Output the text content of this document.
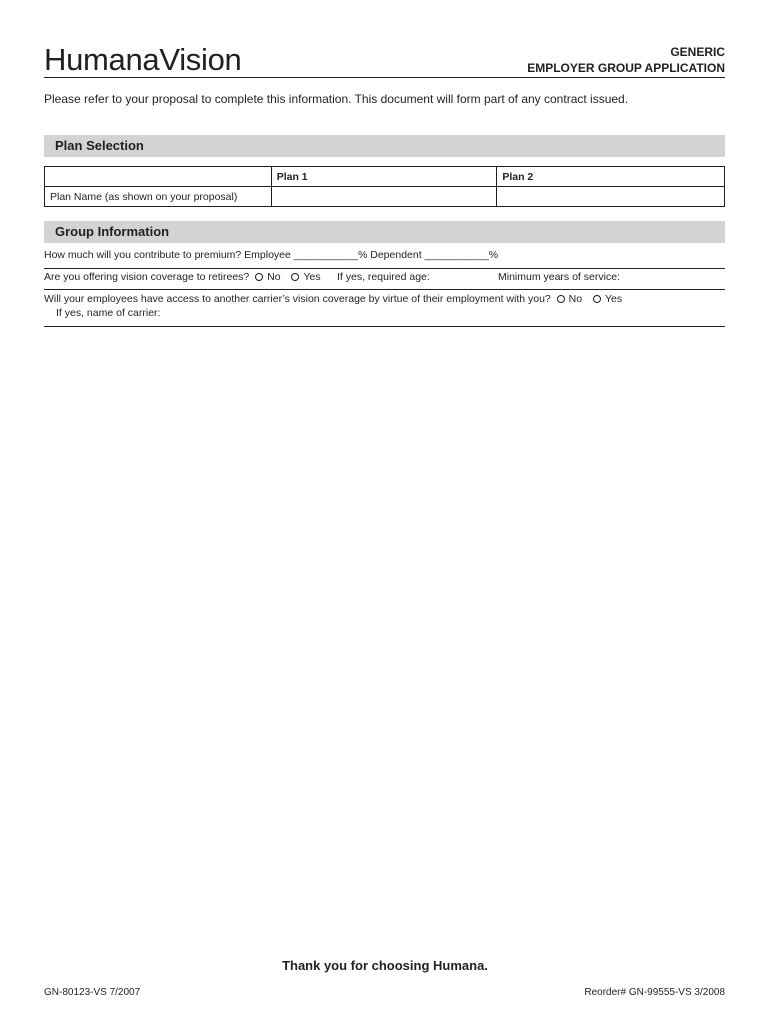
HumanaVision	GENERIC
EMPLOYER GROUP APPLICATION
Please refer to your proposal to complete this information. This document will form part of any contract issued.
Plan Selection
	Plan 1	Plan 2
Plan Name (as shown on your proposal)		
Group Information
How much will you contribute to premium? Employee ___________% Dependent ___________%
Are you offering vision coverage to retirees? No Yes If yes, required age:	Minimum years of service:
Will your employees have access to another carrier’s vision coverage by virtue of their employment with you? No Yes If yes, name of carrier:
Thank you for choosing Humana.
GN-80123-VS 7/2007	Reorder# GN-99555-VS 3/2008
